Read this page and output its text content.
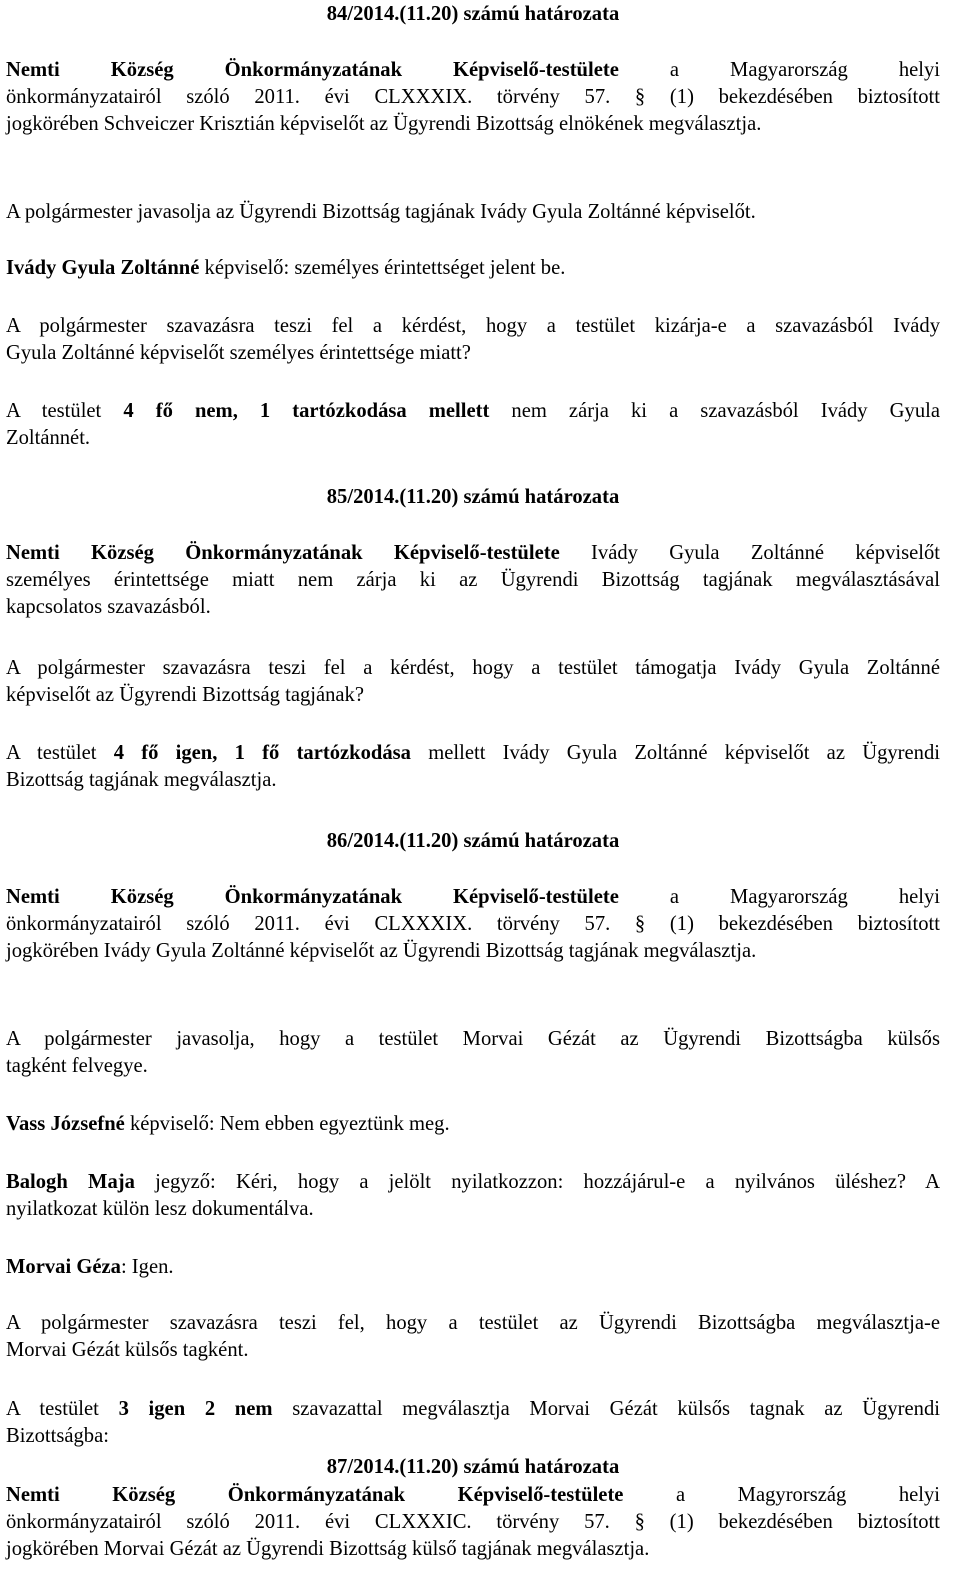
84/2014.(11.20) számú határozata
Nemti Község Önkormányzatának Képviselő-testülete a Magyarország helyi
önkormányzatairól szóló 2011. évi CLXXXIX. törvény 57. § (1) bekezdésében biztosított
jogkörében Schveiczer Krisztián képviselőt az Ügyrendi Bizottság elnökének megválasztja.
A polgármester javasolja az Ügyrendi Bizottság tagjának Ivády Gyula Zoltánné képviselőt.
Ivády Gyula Zoltánné képviselő: személyes érintettséget jelent be.
A polgármester szavazásra teszi fel a kérdést, hogy a testület kizárja-e a szavazásból Ivády
Gyula Zoltánné képviselőt személyes érintettsége miatt?
A testület 4 fő nem, 1 tartózkodása mellett nem zárja ki a szavazásból Ivády Gyula
Zoltánnét.
85/2014.(11.20) számú határozata
Nemti Község Önkormányzatának Képviselő-testülete Ivády Gyula Zoltánné képviselőt
személyes érintettsége miatt nem zárja ki az Ügyrendi Bizottság tagjának megválasztásával
kapcsolatos szavazásból.
A polgármester szavazásra teszi fel a kérdést, hogy a testület támogatja Ivády Gyula Zoltánné
képviselőt az Ügyrendi Bizottság tagjának?
A testület 4 fő igen, 1 fő tartózkodása mellett Ivády Gyula Zoltánné képviselőt az Ügyrendi
Bizottság tagjának megválasztja.
86/2014.(11.20) számú határozata
Nemti Község Önkormányzatának Képviselő-testülete a Magyarország helyi
önkormányzatairól szóló 2011. évi CLXXXIX. törvény 57. § (1) bekezdésében biztosított
jogkörében Ivády Gyula Zoltánné képviselőt az Ügyrendi Bizottság tagjának megválasztja.
A polgármester javasolja, hogy a testület Morvai Gézát az Ügyrendi Bizottságba külsős
tagként felvegye.
Vass Józsefné képviselő: Nem ebben egyeztünk meg.
Balogh Maja jegyző: Kéri, hogy a jelölt nyilatkozzon: hozzájárul-e a nyilvános üléshez? A
nyilatkozat külön lesz dokumentálva.
Morvai Géza: Igen.
A polgármester szavazásra teszi fel, hogy a testület az Ügyrendi Bizottságba megválasztja-e
Morvai Gézát külsős tagként.
A testület 3 igen 2 nem szavazattal megválasztja Morvai Gézát külsős tagnak az Ügyrendi
Bizottságba:
87/2014.(11.20) számú határozata
Nemti Község Önkormányzatának Képviselő-testülete a Magyrország helyi
önkormányzatairól szóló 2011. évi CLXXXIC. törvény 57. § (1) bekezdésében biztosított
jogkörében Morvai Gézát az Ügyrendi Bizottság külső tagjának megválasztja.
